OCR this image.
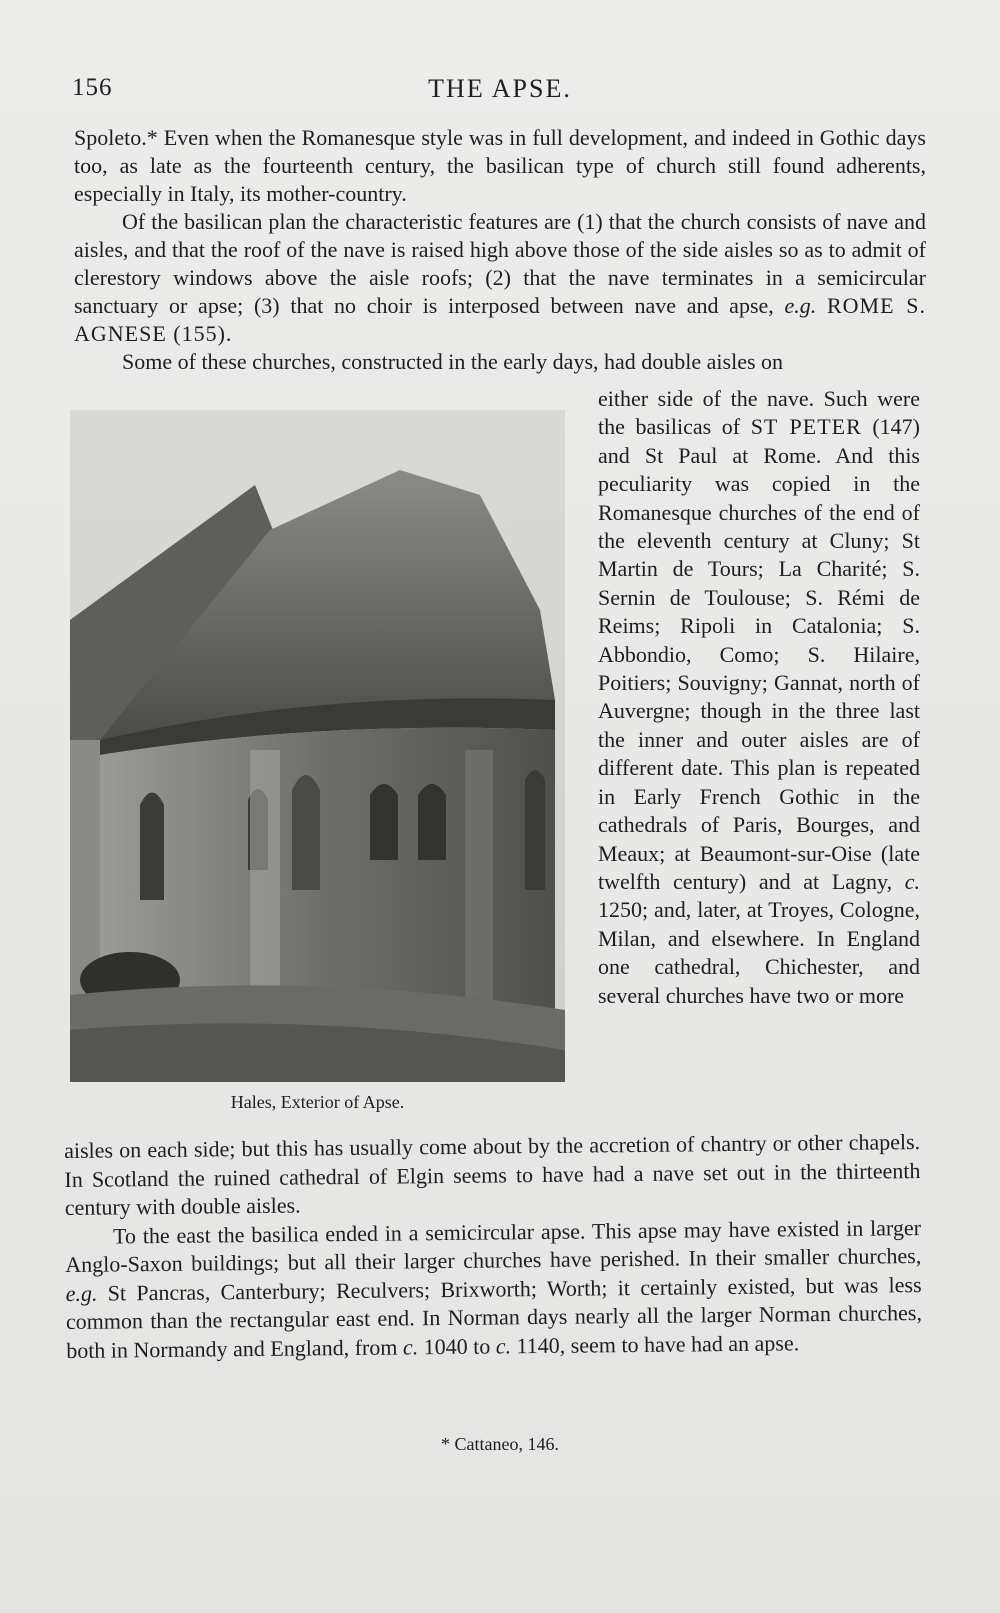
156	THE APSE.

Spoleto.* Even when the Romanesque style was in full development, and indeed in Gothic days too, as late as the fourteenth century, the basilican type of church still found adherents, especially in Italy, its mother-country.

Of the basilican plan the characteristic features are (1) that the church consists of nave and aisles, and that the roof of the nave is raised high above those of the side aisles so as to admit of clerestory windows above the aisle roofs; (2) that the nave terminates in a semicircular sanctuary or apse; (3) that no choir is interposed between nave and apse, e.g. ROME S. AGNESE (155).

Some of these churches, constructed in the early days, had double aisles on

Hales, Exterior of Apse.

either side of the nave. Such were the basilicas of ST PETER (147) and St Paul at Rome. And this peculiarity was copied in the Romanesque churches of the end of the eleventh century at Cluny; St Martin de Tours; La Charité; S. Sernin de Toulouse; S. Rémi de Reims; Ripoli in Catalonia; S. Abbondio, Como; S. Hilaire, Poitiers; Souvigny; Gannat, north of Auvergne; though in the three last the inner and outer aisles are of different date. This plan is repeated in Early French Gothic in the cathedrals of Paris, Bourges, and Meaux; at Beaumont-sur-Oise (late twelfth century) and at Lagny, c. 1250; and, later, at Troyes, Cologne, Milan, and elsewhere. In England one cathedral, Chichester, and several churches have two or more

aisles on each side; but this has usually come about by the accretion of chantry or other chapels. In Scotland the ruined cathedral of Elgin seems to have had a nave set out in the thirteenth century with double aisles.

To the east the basilica ended in a semicircular apse. This apse may have existed in larger Anglo-Saxon buildings; but all their larger churches have perished. In their smaller churches, e.g. St Pancras, Canterbury; Reculvers; Brixworth; Worth; it certainly existed, but was less common than the rectangular east end. In Norman days nearly all the larger Norman churches, both in Normandy and England, from c. 1040 to c. 1140, seem to have had an apse.

* Cattaneo, 146.
